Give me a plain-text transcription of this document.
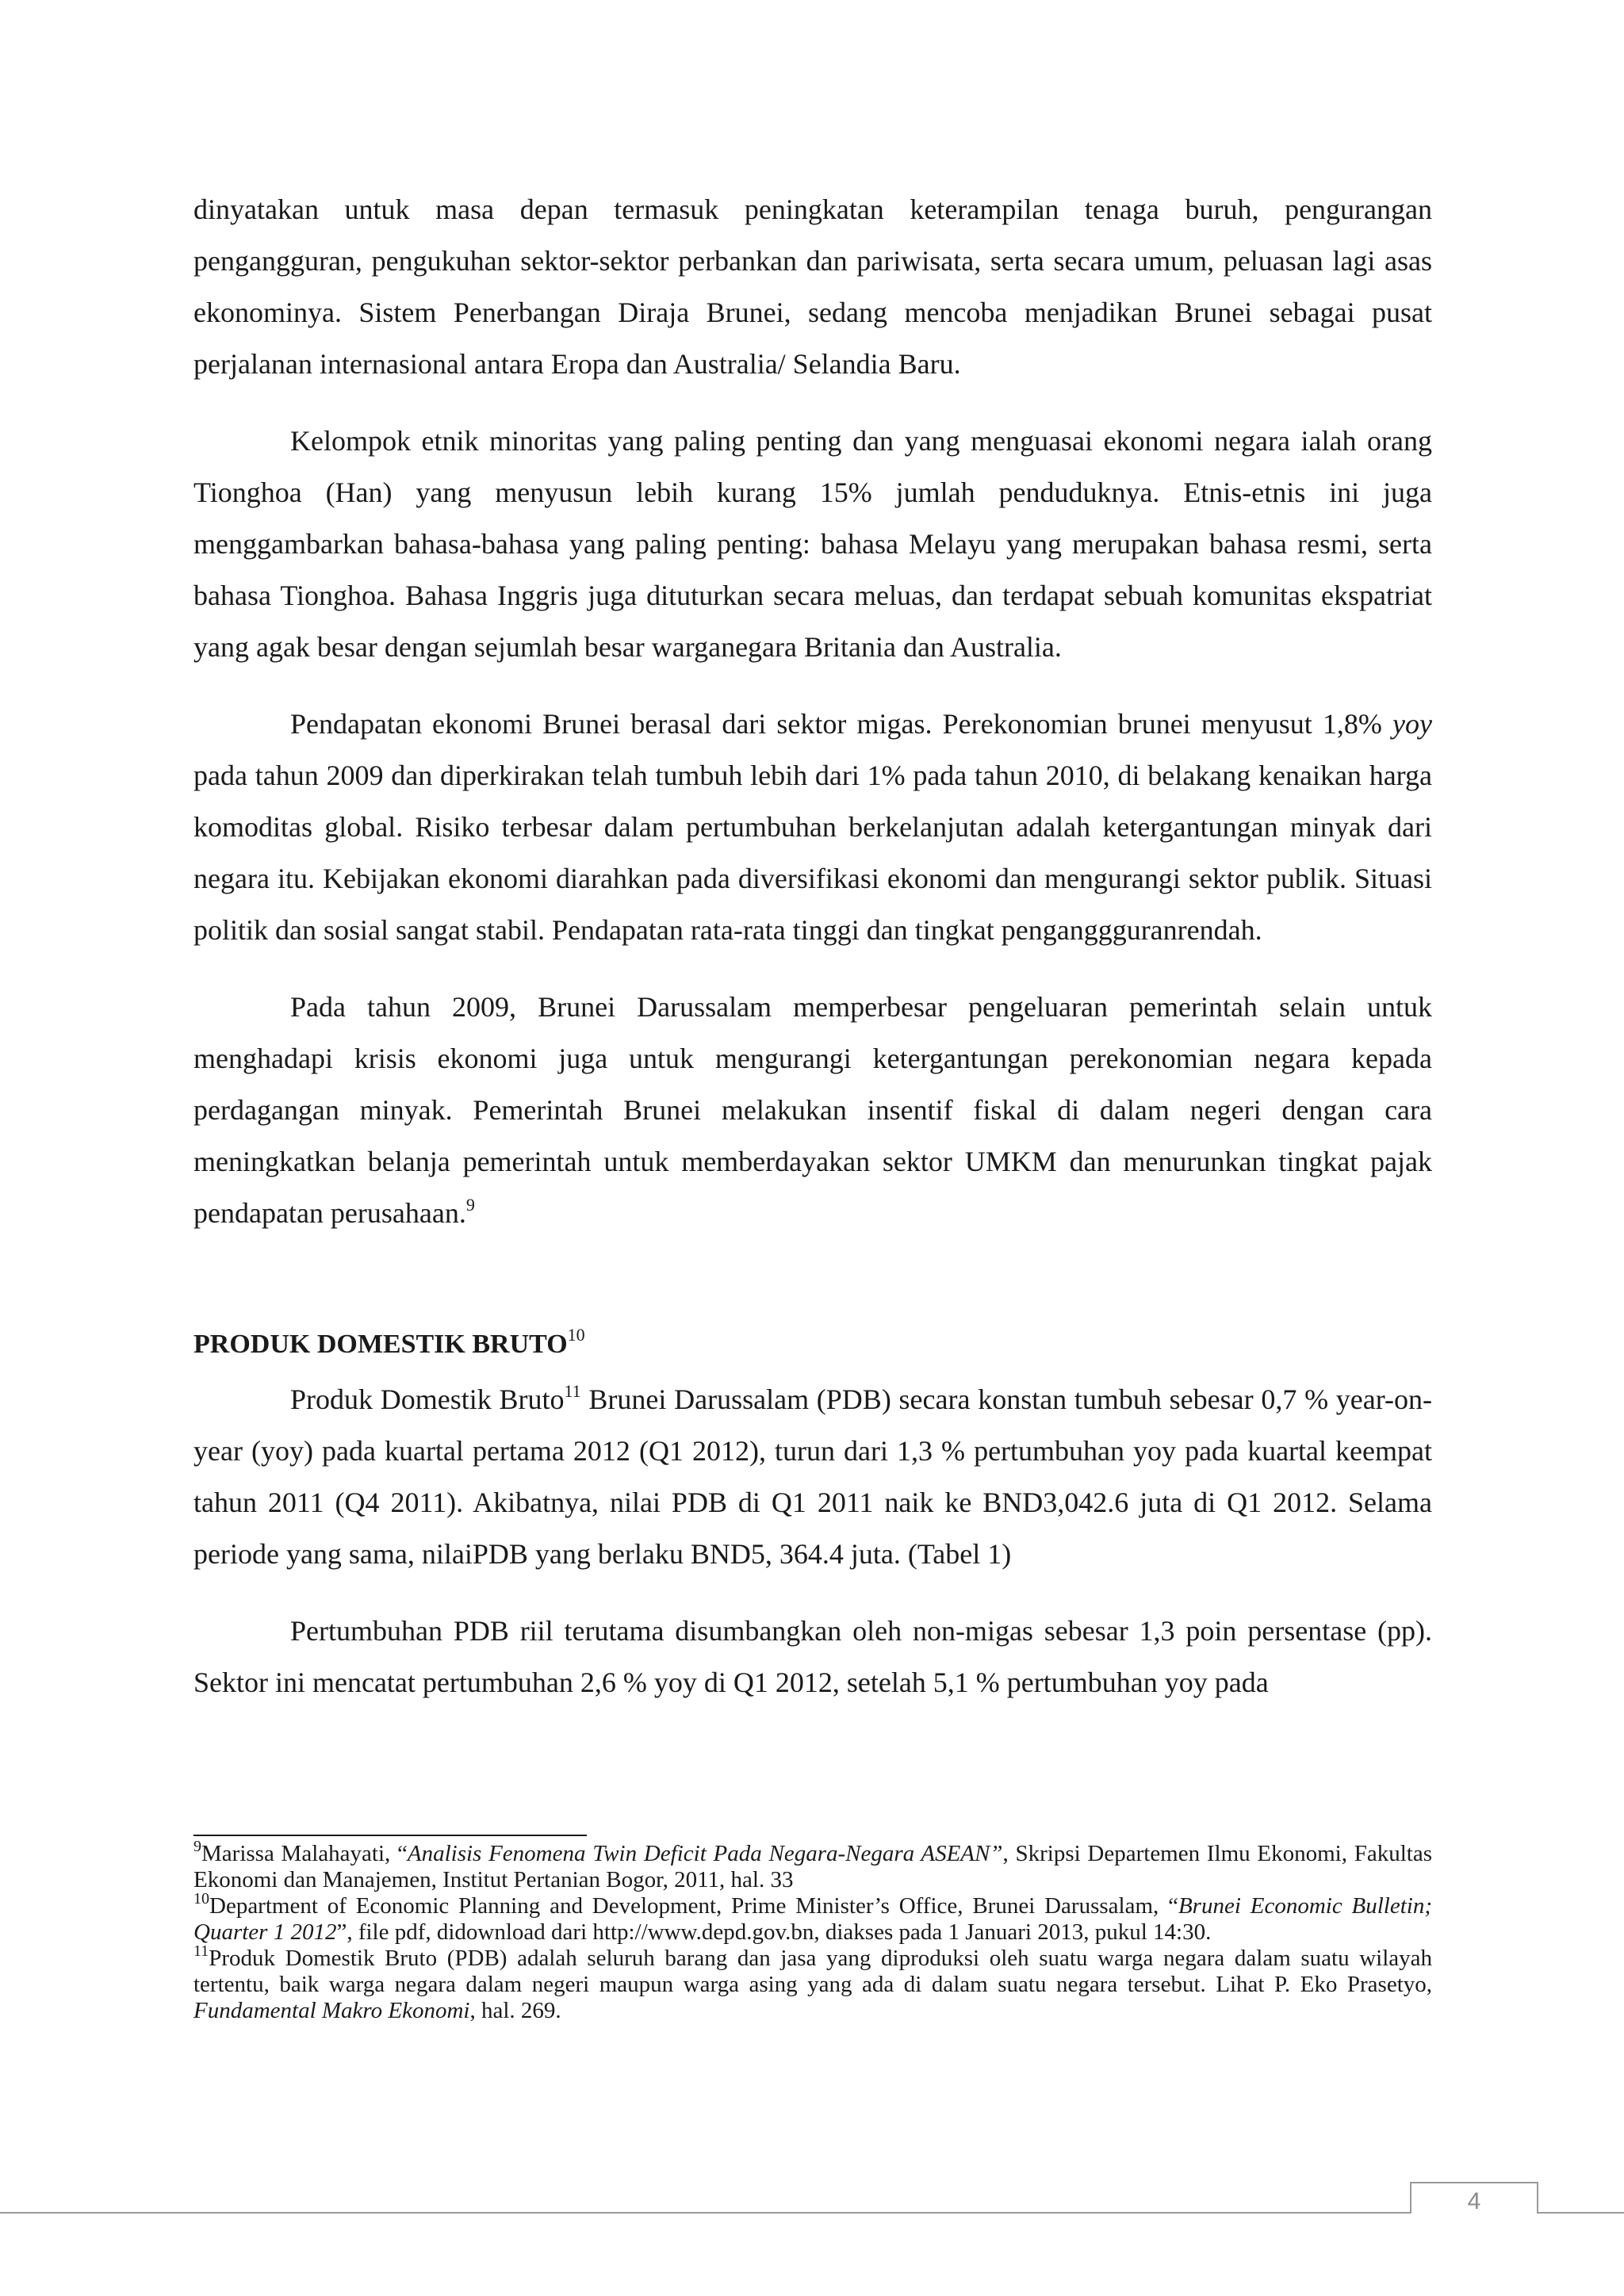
dinyatakan untuk masa depan termasuk peningkatan keterampilan tenaga buruh, pengurangan pengangguran, pengukuhan sektor-sektor perbankan dan pariwisata, serta secara umum, peluasan lagi asas ekonominya. Sistem Penerbangan Diraja Brunei, sedang mencoba menjadikan Brunei sebagai pusat perjalanan internasional antara Eropa dan Australia/ Selandia Baru.

Kelompok etnik minoritas yang paling penting dan yang menguasai ekonomi negara ialah orang Tionghoa (Han) yang menyusun lebih kurang 15% jumlah penduduknya. Etnis-etnis ini juga menggambarkan bahasa-bahasa yang paling penting: bahasa Melayu yang merupakan bahasa resmi, serta bahasa Tionghoa. Bahasa Inggris juga dituturkan secara meluas, dan terdapat sebuah komunitas ekspatriat yang agak besar dengan sejumlah besar warganegara Britania dan Australia.

Pendapatan ekonomi Brunei berasal dari sektor migas. Perekonomian brunei menyusut 1,8% yoy pada tahun 2009 dan diperkirakan telah tumbuh lebih dari 1% pada tahun 2010, di belakang kenaikan harga komoditas global. Risiko terbesar dalam pertumbuhan berkelanjutan adalah ketergantungan minyak dari negara itu. Kebijakan ekonomi diarahkan pada diversifikasi ekonomi dan mengurangi sektor publik. Situasi politik dan sosial sangat stabil. Pendapatan rata-rata tinggi dan tingkat penganggguranrendah.

Pada tahun 2009, Brunei Darussalam memperbesar pengeluaran pemerintah selain untuk menghadapi krisis ekonomi juga untuk mengurangi ketergantungan perekonomian negara kepada perdagangan minyak. Pemerintah Brunei melakukan insentif fiskal di dalam negeri dengan cara meningkatkan belanja pemerintah untuk memberdayakan sektor UMKM dan menurunkan tingkat pajak pendapatan perusahaan.$^9$

PRODUK DOMESTIK BRUTO$^{10}$

Produk Domestik Bruto$^{11}$ Brunei Darussalam (PDB) secara konstan tumbuh sebesar 0,7 % year-on-year (yoy) pada kuartal pertama 2012 (Q1 2012), turun dari 1,3 % pertumbuhan yoy pada kuartal keempat tahun 2011 (Q4 2011). Akibatnya, nilai PDB di Q1 2011 naik ke BND3,042.6 juta di Q1 2012. Selama periode yang sama, nilaiPDB yang berlaku BND5, 364.4 juta. (Tabel 1)

Pertumbuhan PDB riil terutama disumbangkan oleh non-migas sebesar 1,3 poin persentase (pp). Sektor ini mencatat pertumbuhan 2,6 % yoy di Q1 2012, setelah 5,1 % pertumbuhan yoy pada

$^9$Marissa Malahayati, “Analisis Fenomena Twin Deficit Pada Negara-Negara ASEAN”, Skripsi Departemen Ilmu Ekonomi, Fakultas Ekonomi dan Manajemen, Institut Pertanian Bogor, 2011, hal. 33

$^{10}$Department of Economic Planning and Development, Prime Minister’s Office, Brunei Darussalam, “Brunei Economic Bulletin; Quarter 1 2012”, file pdf, didownload dari http://www.depd.gov.bn, diakses pada 1 Januari 2013, pukul 14:30.

$^{11}$Produk Domestik Bruto (PDB) adalah seluruh barang dan jasa yang diproduksi oleh suatu warga negara dalam suatu wilayah tertentu, baik warga negara dalam negeri maupun warga asing yang ada di dalam suatu negara tersebut. Lihat P. Eko Prasetyo, Fundamental Makro Ekonomi, hal. 269.

4
